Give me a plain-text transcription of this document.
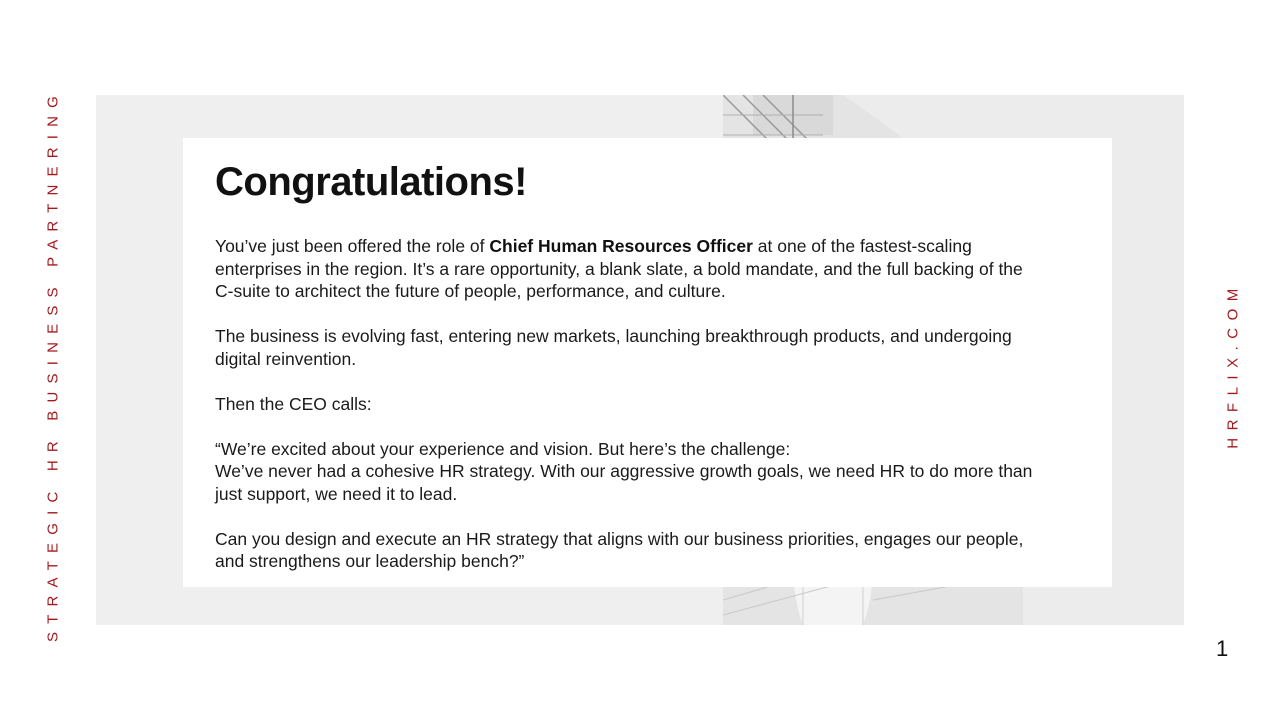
STRATEGIC HR BUSINESS PARTNERING	Congratulations!

You’ve just been offered the role of Chief Human Resources Officer at one of the fastest-scaling enterprises in the region. It’s a rare opportunity, a blank slate, a bold mandate, and the full backing of the C-suite to architect the future of people, performance, and culture.

The business is evolving fast, entering new markets, launching breakthrough products, and undergoing digital reinvention.

Then the CEO calls:

“We’re excited about your experience and vision. But here’s the challenge:
We’ve never had a cohesive HR strategy. With our aggressive growth goals, we need HR to do more than just support, we need it to lead.

Can you design and execute an HR strategy that aligns with our business priorities, engages our people, and strengthens our leadership bench?”

HRFLIX.COM
1
